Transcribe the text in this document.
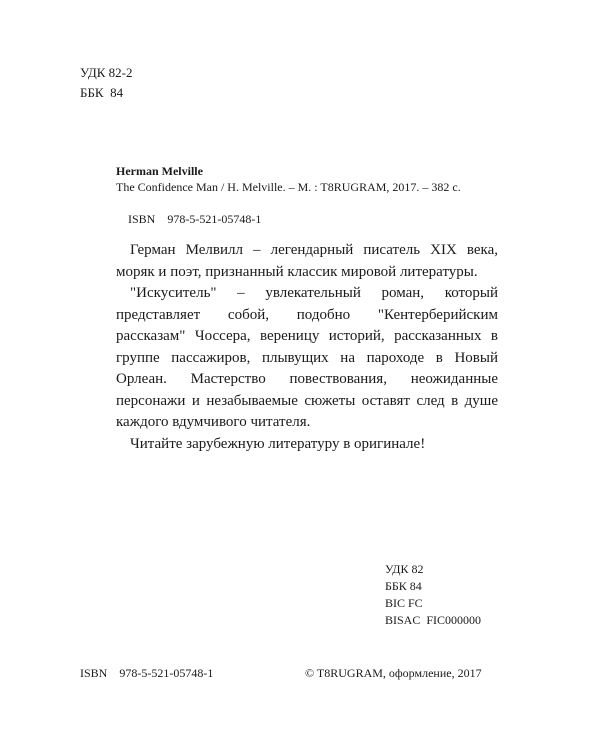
УДК 82-2
ББК  84
Herman Melville
The Confidence Man / H. Melville. – M. : T8RUGRAM, 2017. – 382 с.
ISBN    978-5-521-05748-1

Герман Мелвилл – легендарный писатель XIX века, моряк и поэт, признанный классик мировой литературы.

"Искуситель" – увлекательный роман, который представляет собой, подобно "Кентерберийским рассказам" Чоссера, вереницу историй, рассказанных в группе пассажиров, плывущих на пароходе в Новый Орлеан. Мастерство повествования, неожиданные персонажи и незабываемые сюжеты оставят след в душе каждого вдумчивого читателя.

Читайте зарубежную литературу в оригинале!

УДК 82
ББК 84
BIC FC
BISAC  FIC000000
ISBN    978-5-521-05748-1	© T8RUGRAM, оформление, 2017
